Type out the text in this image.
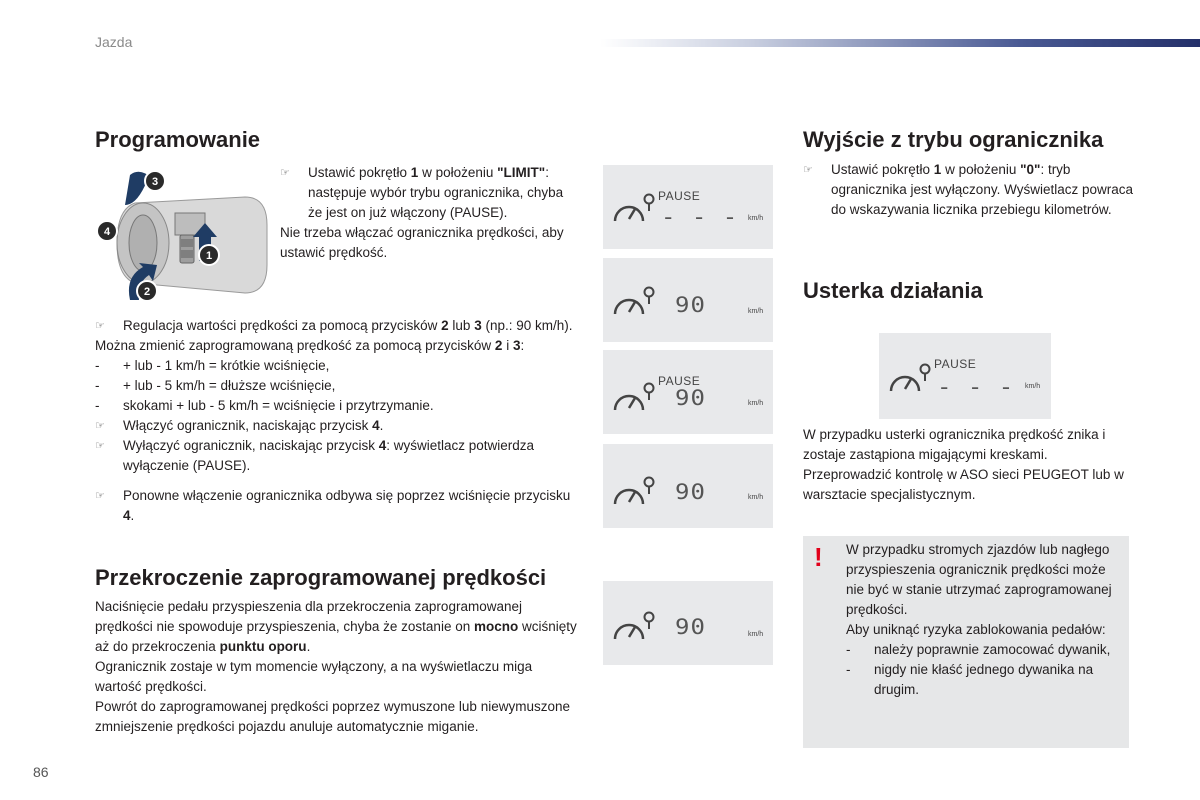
Jazda
86
Programowanie
3
4
1
2
☞ Ustawić pokrętło 1 w położeniu "LIMIT": następuje wybór trybu ogranicznika, chyba że jest on już włączony (PAUSE).
Nie trzeba włączać ogranicznika prędkości, aby ustawić prędkość.
☞ Regulacja wartości prędkości za pomocą przycisków 2 lub 3 (np.: 90 km/h).
Można zmienić zaprogramowaną prędkość za pomocą przycisków 2 i 3:
- + lub - 1 km/h = krótkie wciśnięcie,
- + lub - 5 km/h = dłuższe wciśnięcie,
- skokami + lub - 5 km/h = wciśnięcie i przytrzymanie.
☞ Włączyć ogranicznik, naciskając przycisk 4.
☞ Wyłączyć ogranicznik, naciskając przycisk 4: wyświetlacz potwierdza wyłączenie (PAUSE).
☞ Ponowne włączenie ogranicznika odbywa się poprzez wciśnięcie przycisku 4.
Przekroczenie zaprogramowanej prędkości
Naciśnięcie pedału przyspieszenia dla przekroczenia zaprogramowanej prędkości nie spowoduje przyspieszenia, chyba że zostanie on mocno wciśnięty aż do przekroczenia punktu oporu.
Ogranicznik zostaje w tym momencie wyłączony, a na wyświetlaczu miga wartość prędkości.
Powrót do zaprogramowanej prędkości poprzez wymuszone lub niewymuszone zmniejszenie prędkości pojazdu anuluje automatycznie miganie.
PAUSE
- - - km/h
90	km/h
PAUSE
90	km/h
90	km/h
90	km/h
Wyjście z trybu ogranicznika
☞ Ustawić pokrętło 1 w położeniu "0": tryb ogranicznika jest wyłączony. Wyświetlacz powraca do wskazywania licznika przebiegu kilometrów.
Usterka działania
PAUSE
- - - km/h
W przypadku usterki ogranicznika prędkość znika i zostaje zastąpiona migającymi kreskami.
Przeprowadzić kontrolę w ASO sieci PEUGEOT lub w warsztacie specjalistycznym.
! W przypadku stromych zjazdów lub nagłego przyspieszenia ogranicznik prędkości może nie być w stanie utrzymać zaprogramowanej prędkości.
Aby uniknąć ryzyka zablokowania pedałów:
- należy poprawnie zamocować dywanik,
- nigdy nie kłaść jednego dywanika na drugim.
